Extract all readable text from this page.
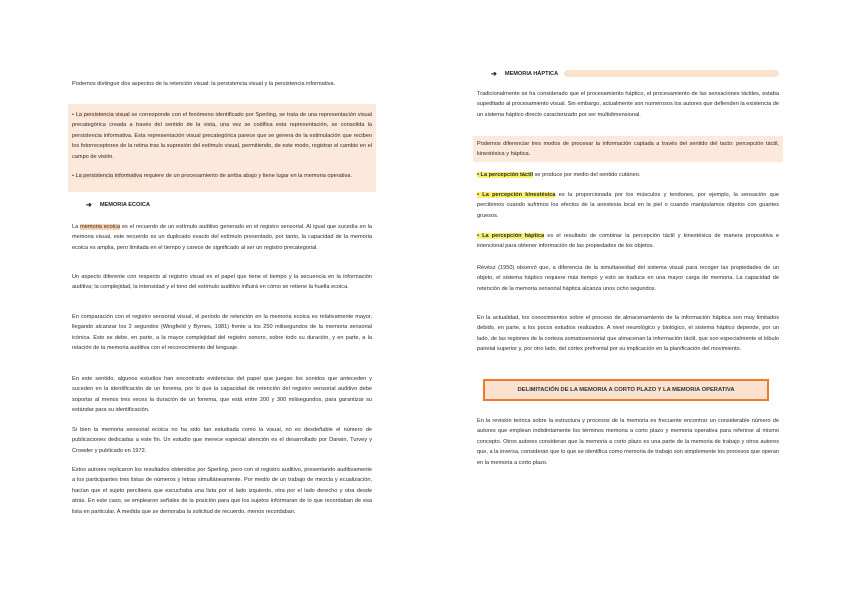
Podemos distinguir dos aspectos de la retención visual: la persistencia visual y la persistencia informativa.

• La persistencia visual se corresponde con el fenómeno identificado por Sperling, se trata de una representación visual precategórica creada a través del sentido de la vista, una vez se codifica esta representación, se consolida la persistencia informativa. Esta representación visual precategórica parece que se genera de la estimulación que reciben los fotorreceptores de la retina tras la supresión del estímulo visual, permitiendo, de este modo, registrar el cambio en el campo de visión.

• La persistencia informativa requiere de un procesamiento de arriba abajo y tiene lugar en la memoria operativa.

➔	MEMORIA ECOICA

La memoria ecoica es el recuerdo de un estímulo auditivo generado en el registro sensorial. Al igual que sucedía en la memoria visual, este recuerdo es un duplicado exacto del estímulo presentado, por tanto, la capacidad de la memoria ecoica es amplia, pero limitada en el tiempo y carece de significado al ser un registro precategorial.

Un aspecto diferente con respecto al registro visual es el papel que tiene el tiempo y la secuencia en la información auditiva; la complejidad, la intensidad y el tono del estímulo auditivo influirá en cómo se retiene la huella ecoica.

En comparación con el registro sensorial visual, el periodo de retención en la memoria ecoica es relativamente mayor, llegando alcanzar los 2 segundos (Wingfield y Byrnes, 1981) frente a los 250 milisegundos de la memoria sensorial icónica. Esto se debe, en parte, a la mayor complejidad del registro sonoro, sobre todo su duración, y en parte, a la relación de la memoria auditiva con el reconocimiento del lenguaje.

En este sentido, algunos estudios han encontrado evidencias del papel que juegan los sonidos que anteceden y suceden en la identificación de un fonema, por lo que la capacidad de retención del registro sensorial auditivo debe soportar al menos tres veces la duración de un fonema, que está entre 200 y 300 milisegundos, para garantizar su estándar para su identificación.

Si bien la memoria sensorial ecoica no ha sido tan estudiada como la visual, no es desdeñable el número de publicaciones dedicadas a este fin. Un estudio que merece especial atención es el desarrollado por Darwin, Turvey y Crowder y publicado en 1972.

Estos autores replicaron los resultados obtenidos por Sperling, pero con el registro auditivo, presentando auditivamente a los participantes tres listas de números y letras simultáneamente. Por medio de un trabajo de mezcla y ecualización, hacían que el sujeto percibiera que escuchaba una lista por el lado izquierdo, otra por el lado derecho y otra desde atrás. En este caso, se emplearon señales de la posición para que los sujetos informaran de lo que recordaban de esa lista en particular. A medida que se demoraba la solicitud de recuerdo, menos recordaban.

➔	MEMORIA HÁPTICA

Tradicionalmente se ha considerado que el procesamiento háptico, el procesamiento de las sensaciones táctiles, estaba supeditado al procesamiento visual. Sin embargo, actualmente son numerosos los autores que defienden la existencia de un sistema háptico directo caracterizado por ser multidimensional.

Podemos diferenciar tres modos de procesar la información captada a través del sentido del tacto: percepción táctil, kinestésica y háptica.

• La percepción táctil se produce por medio del sentido cutáneo.

• La percepción kinestésica es la proporcionada por los músculos y tendones, por ejemplo, la sensación que percibimos cuando sufrimos los efectos de la anestesia local en la piel o cuando manipulamos objetos con guantes gruesos.

• La percepción háptica es el resultado de combinar la percepción táctil y kinestésica de manera propositiva e intencional para obtener información de las propiedades de los objetos.

Révész (1950) observó que, a diferencia de la simultaneidad del sistema visual para recoger las propiedades de un objeto, el sistema háptico requiere más tiempo y esto se traduce en una mayor carga de memoria. La capacidad de retención de la memoria sensorial háptica alcanza unos ocho segundos.

En la actualidad, los conocimientos sobre el proceso de almacenamiento de la información háptica son muy limitados debido, en parte, a los pocos estudios realizados. A nivel neurológico y biológico, el sistema háptico depende, por un lado, de las regiones de la corteza somatosensorial que almacenan la información táctil, que son especialmente el lóbulo parietal superior y, por otro lado, del córtex prefrontal por su implicación en la planificación del movimiento.

DELIMITACIÓN DE LA MEMORIA A CORTO PLAZO Y LA MEMORIA OPERATIVA

En la revisión teórica sobre la estructura y procesos de la memoria es frecuente encontrar un considerable número de autores que emplean indistintamente los términos memoria a corto plazo y memoria operativa para referirse al mismo concepto. Otros autores consideran que la memoria a corto plazo es una parte de la memoria de trabajo y otros autores que, a la inversa, consideran que lo que se identifica como memoria de trabajo son simplemente los procesos que operan en la memoria a corto plazo.
